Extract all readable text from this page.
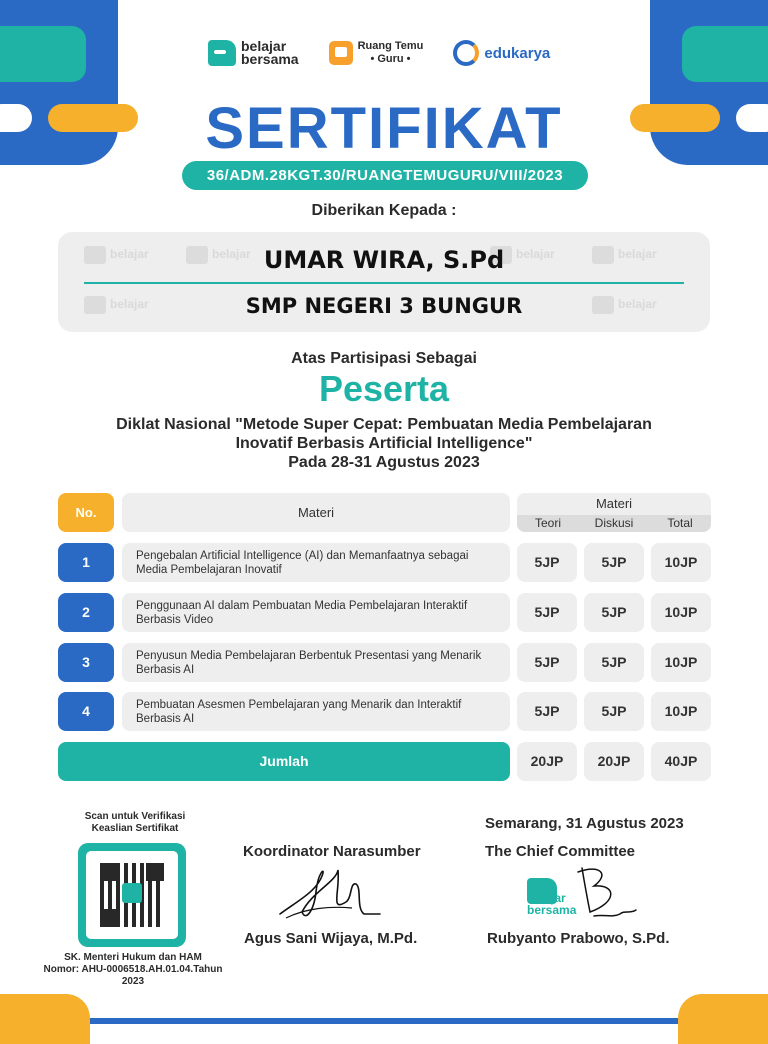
belajar
bersama
Ruang Temu
• Guru •	edukarya
SERTIFIKAT
36/ADM.28KGT.30/RUANGTEMUGURU/VIII/2023
Diberikan Kepada :
belajar	belajar	belajar	belajar
belajar	belajar
UMAR WIRA, S.Pd
SMP NEGERI 3 BUNGUR
Atas Partisipasi Sebagai
Peserta
Diklat Nasional "Metode Super Cepat: Pembuatan Media Pembelajaran
Inovatif Berbasis Artificial Intelligence"
Pada 28-31 Agustus 2023
No.	Materi
Materi
Teori	Diskusi	Total
1	Pengebalan Artificial Intelligence (AI) dan Memanfaatnya sebagai Media Pembelajaran Inovatif	5JP	5JP	10JP
2	Penggunaan AI dalam Pembuatan Media Pembelajaran Interaktif Berbasis Video	5JP	5JP	10JP
3	Penyusun Media Pembelajaran Berbentuk Presentasi yang Menarik Berbasis AI	5JP	5JP	10JP
4	Pembuatan Asesmen Pembelajaran yang Menarik dan Interaktif Berbasis AI	5JP	5JP	10JP
Jumlah	20JP	20JP	40JP
Scan untuk Verifikasi
Keaslian Sertifikat
SK. Menteri Hukum dan HAM
Nomor: AHU-0006518.AH.01.04.Tahun
2023
Koordinator Narasumber
Agus Sani Wijaya, M.Pd.
Semarang, 31 Agustus 2023
The Chief Committee
belajar
bersama
Rubyanto Prabowo, S.Pd.
